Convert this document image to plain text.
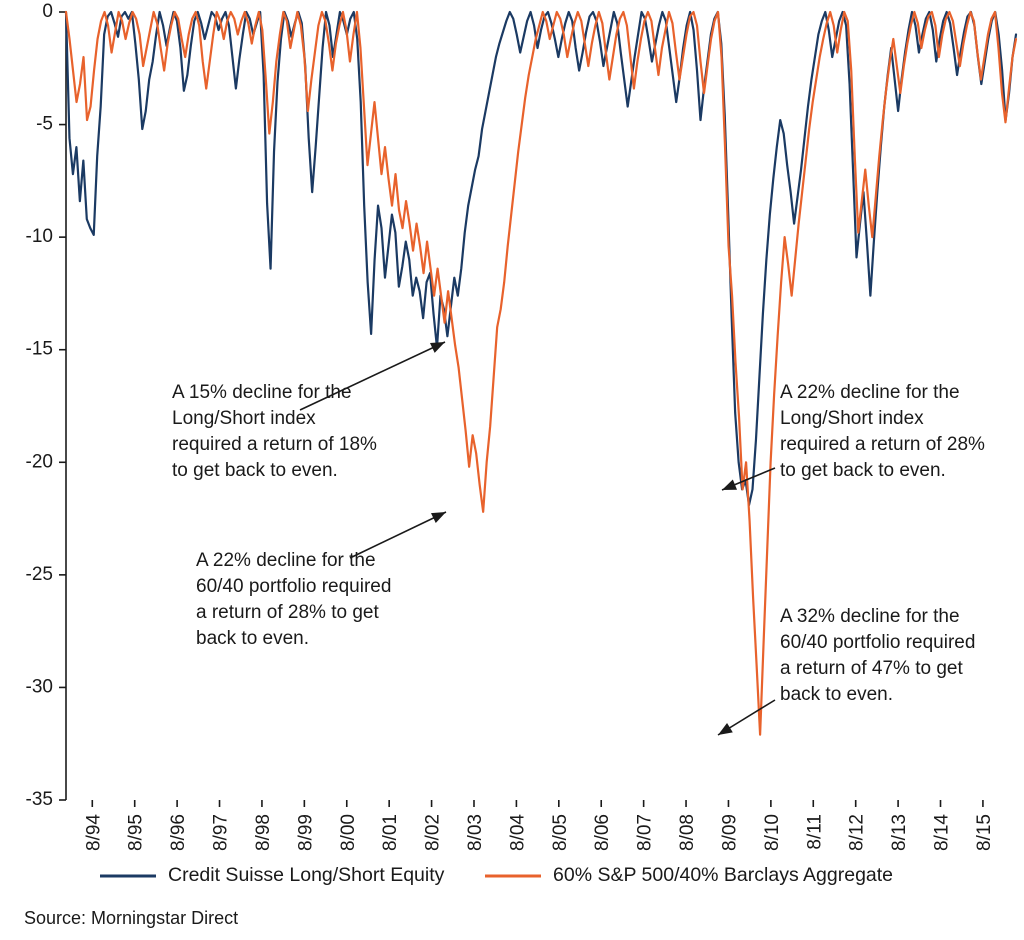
0
-5
-10
-15
-20
-25
-30
-35
8/94 8/95 8/96 8/97 8/98 8/99 8/00 8/01 8/02 8/03 8/04 8/05 8/06 8/07 8/08 8/09 8/10 8/11 8/12 8/13 8/14 8/15
A 15% decline for the
Long/Short index
required a return of 18%
to get back to even.
A 22% decline for the
60/40 portfolio required
a return of 28% to get
back to even.
A 22% decline for the
Long/Short index
required a return of 28%
to get back to even.
A 32% decline for the
60/40 portfolio required
a return of 47% to get
back to even.
Credit Suisse Long/Short Equity	60% S&P 500/40% Barclays Aggregate
Source: Morningstar Direct
